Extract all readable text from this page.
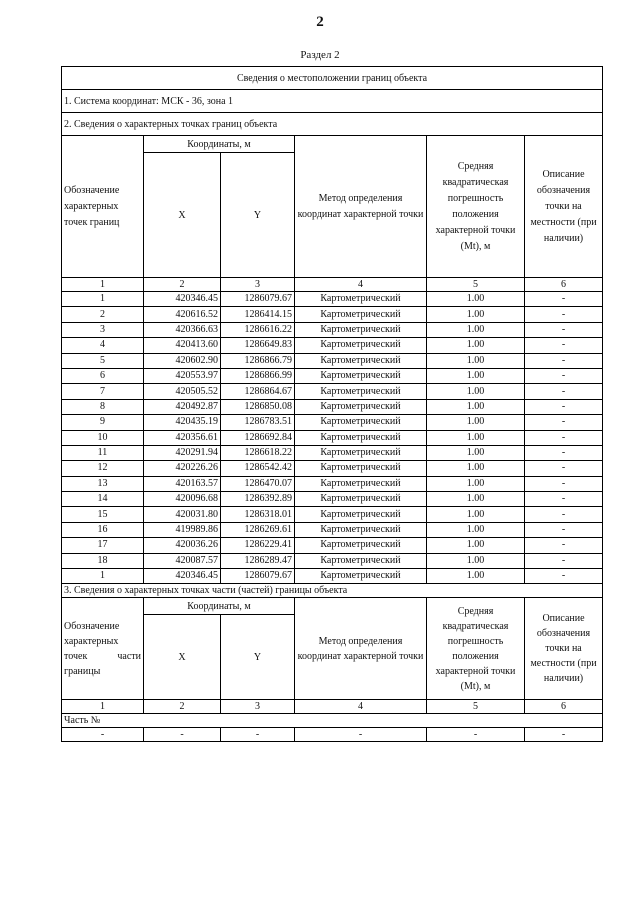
2
Раздел 2
Сведения о местоположении границ объекта					
1. Система координат: МСК - 36, зона 1					
2. Сведения о характерных точках границ объекта					
Обозначение характерных точек границ	Координаты, м		Метод определения координат характерной точки	Средняя квадратическая погрешность положения характерной точки (Mt), м	Описание обозначения точки на местности (при наличии)
	X	Y			
1	2	3	4	5	6
1	420346.45	1286079.67	Картометрический	1.00	-
2	420616.52	1286414.15	Картометрический	1.00	-
3	420366.63	1286616.22	Картометрический	1.00	-
4	420413.60	1286649.83	Картометрический	1.00	-
5	420602.90	1286866.79	Картометрический	1.00	-
6	420553.97	1286866.99	Картометрический	1.00	-
7	420505.52	1286864.67	Картометрический	1.00	-
8	420492.87	1286850.08	Картометрический	1.00	-
9	420435.19	1286783.51	Картометрический	1.00	-
10	420356.61	1286692.84	Картометрический	1.00	-
11	420291.94	1286618.22	Картометрический	1.00	-
12	420226.26	1286542.42	Картометрический	1.00	-
13	420163.57	1286470.07	Картометрический	1.00	-
14	420096.68	1286392.89	Картометрический	1.00	-
15	420031.80	1286318.01	Картометрический	1.00	-
16	419989.86	1286269.61	Картометрический	1.00	-
17	420036.26	1286229.41	Картометрический	1.00	-
18	420087.57	1286289.47	Картометрический	1.00	-
1	420346.45	1286079.67	Картометрический	1.00	-
3. Сведения о характерных точках части (частей) границы объекта					
Обозначение характерных точек части границы	Координаты, м		Метод определения координат характерной точки	Средняя квадратическая погрешность положения характерной точки (Mt), м	Описание обозначения точки на местности (при наличии)
	X	Y			
1	2	3	4	5	6
Часть №					
-	-	-	-	-	-
